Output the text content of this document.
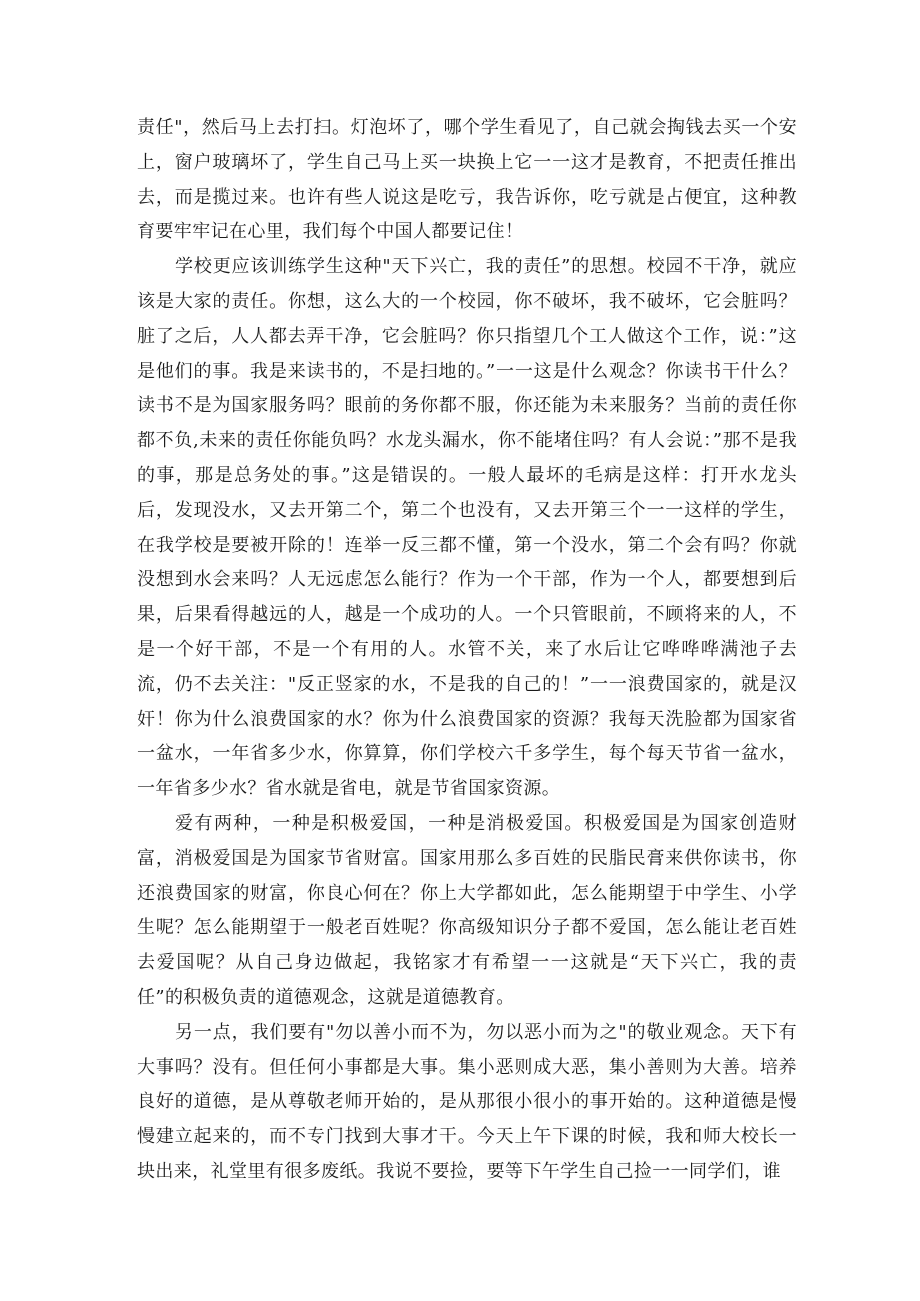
责任"，然后马上去打扫。灯泡坏了，哪个学生看见了，自己就会掏钱去买一个安上，窗户玻璃坏了，学生自己马上买一块换上它一一这才是教育，不把责任推出去，而是揽过来。也许有些人说这是吃亏，我告诉你，吃亏就是占便宜，这种教育要牢牢记在心里，我们每个中国人都要记住！

学校更应该训练学生这种"天下兴亡，我的责任”的思想。校园不干净，就应该是大家的责任。你想，这么大的一个校园，你不破坏，我不破坏，它会脏吗？脏了之后，人人都去弄干净，它会脏吗？你只指望几个工人做这个工作，说：”这是他们的事。我是来读书的，不是扫地的。”一一这是什么观念？你读书干什么？读书不是为国家服务吗？眼前的务你都不服，你还能为未来服务？当前的责任你都不负,未来的责任你能负吗？水龙头漏水，你不能堵住吗？有人会说：”那不是我的事，那是总务处的事。”这是错误的。一般人最坏的毛病是这样：打开水龙头后，发现没水，又去开第二个，第二个也没有，又去开第三个一一这样的学生，在我学校是要被开除的！连举一反三都不懂，第一个没水，第二个会有吗？你就没想到水会来吗？人无远虑怎么能行？作为一个干部，作为一个人，都要想到后果，后果看得越远的人，越是一个成功的人。一个只管眼前，不顾将来的人，不是一个好干部，不是一个有用的人。水管不关，来了水后让它哗哗哗满池子去流，仍不去关注："反正竖家的水，不是我的自己的！”一一浪费国家的，就是汉奸！你为什么浪费国家的水？你为什么浪费国家的资源？我每天洗脸都为国家省一盆水，一年省多少水，你算算，你们学校六千多学生，每个每天节省一盆水，一年省多少水？省水就是省电，就是节省国家资源。

爱有两种，一种是积极爱国，一种是消极爱国。积极爱国是为国家创造财富，消极爱国是为国家节省财富。国家用那么多百姓的民脂民膏来供你读书，你还浪费国家的财富，你良心何在？你上大学都如此，怎么能期望于中学生、小学生呢？怎么能期望于一般老百姓呢？你高级知识分子都不爱国，怎么能让老百姓去爱国呢？从自己身边做起，我铭家才有希望一一这就是“天下兴亡，我的责任”的积极负责的道德观念，这就是道德教育。

另一点，我们要有"勿以善小而不为，勿以恶小而为之"的敬业观念。天下有大事吗？没有。但任何小事都是大事。集小恶则成大恶，集小善则为大善。培养良好的道德，是从尊敬老师开始的，是从那很小很小的事开始的。这种道德是慢慢建立起来的，而不专门找到大事才干。今天上午下课的时候，我和师大校长一块出来，礼堂里有很多废纸。我说不要捡，要等下午学生自己捡一一同学们，谁
